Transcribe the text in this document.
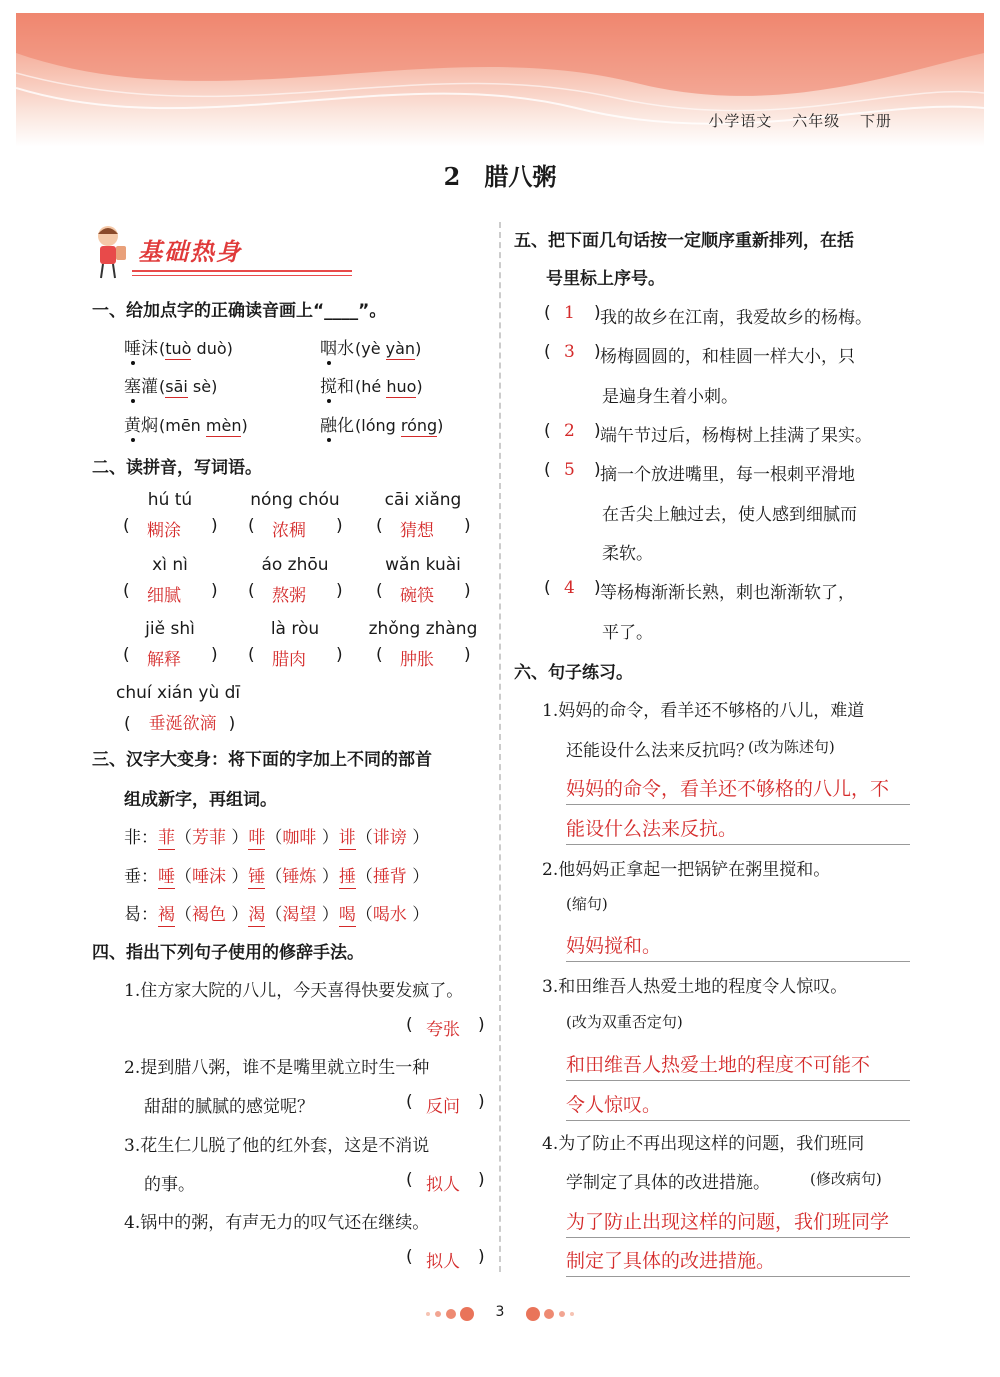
小学语文 六年级 下册
2 腊八粥
基础热身
一、给加点字的正确读音画上“____”。
唾沫(tuò duò)	咽水(yè yàn)
塞灌(sāi sè)	搅和(hé huo)
黄焖(mēn mèn)	融化(lóng róng)
二、读拼音，写词语。
hú tú
( 糊涂 )
nóng chóu
( 浓稠 )
cāi xiǎng
( 猜想 )
xì nì
( 细腻 )
áo zhōu
( 熬粥 )
wǎn kuài
( 碗筷 )
jiě shì
( 解释 )
là ròu
( 腊肉 )
zhǒng zhàng
( 肿胀 )
chuí xián yù dī
( 垂涎欲滴 )
三、汉字大变身：将下面的字加上不同的部首
组成新字，再组词。
非：菲（芳菲 ）啡（咖啡 ）诽（诽谤 ）
垂：唾（唾沫 ）锤（锤炼 ）捶（捶背 ）
曷：褐（褐色 ）渴（渴望 ）喝（喝水 ）
四、指出下列句子使用的修辞手法。
1.住方家大院的八儿，今天喜得快要发疯了。
( 夸张 )
2.提到腊八粥，谁不是嘴里就立时生一种
甜甜的腻腻的感觉呢？	( 反问 )
3.花生仁儿脱了他的红外套，这是不消说
的事。	( 拟人 )
4.锅中的粥，有声无力的叹气还在继续。
( 拟人 )
五、把下面几句话按一定顺序重新排列，在括
号里标上序号。
( 1 ) 我的故乡在江南，我爱故乡的杨梅。
( 3 ) 杨梅圆圆的，和桂圆一样大小，只
是遍身生着小刺。
( 2 ) 端午节过后，杨梅树上挂满了果实。
( 5 ) 摘一个放进嘴里，每一根刺平滑地
在舌尖上触过去，使人感到细腻而
柔软。
( 4 ) 等杨梅渐渐长熟，刺也渐渐软了，
平了。
六、句子练习。
1.妈妈的命令，看羊还不够格的八儿，难道
还能设什么法来反抗吗？
(改为陈述句)
妈妈的命令，看羊还不够格的八儿，不
能设什么法来反抗。
2.他妈妈正拿起一把锅铲在粥里搅和。
(缩句)
妈妈搅和。
3.和田维吾人热爱土地的程度令人惊叹。
(改为双重否定句)
和田维吾人热爱土地的程度不可能不
令人惊叹。
4.为了防止不再出现这样的问题，我们班同
学制定了具体的改进措施。	(修改病句)
为了防止出现这样的问题，我们班同学
制定了具体的改进措施。
3
